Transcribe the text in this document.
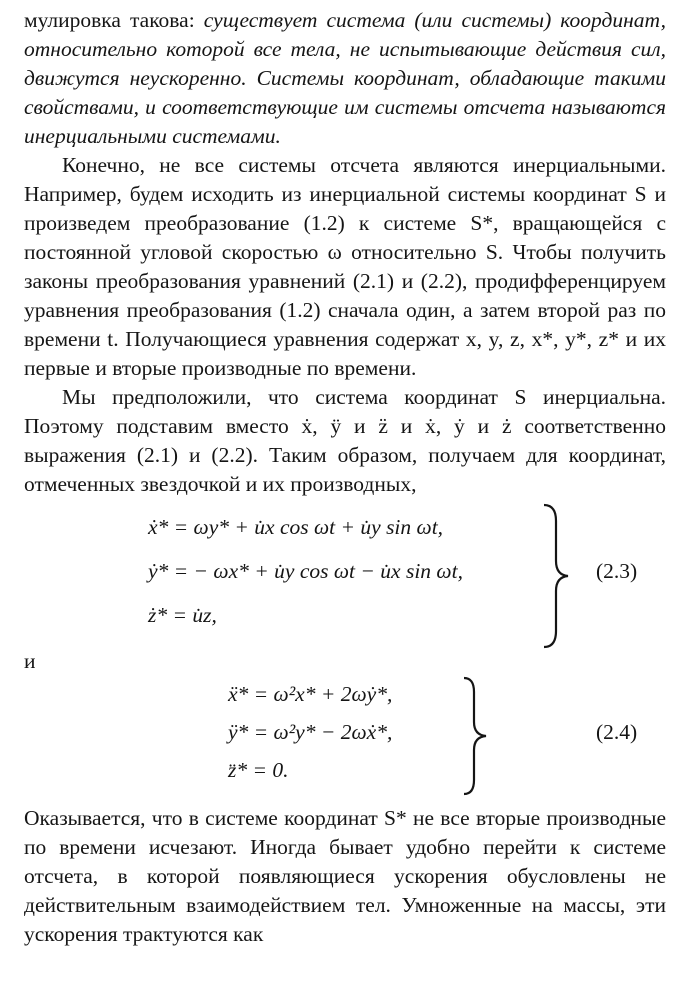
мулировка такова: существует система (или системы) координат, относительно которой все тела, не испытывающие действия сил, движутся неускоренно. Системы координат, обладающие такими свойствами, и соответствующие им системы отсчета называются инерциальными системами.

Конечно, не все системы отсчета являются инерциальными. Например, будем исходить из инерциальной системы координат S и произведем преобразование (1.2) к системе S*, вращающейся с постоянной угловой скоростью ω относительно S. Чтобы получить законы преобразования уравнений (2.1) и (2.2), продифференцируем уравнения преобразования (1.2) сначала один, а затем второй раз по времени t. Получающиеся уравнения содержат x, y, z, x*, y*, z* и их первые и вторые производные по времени.

Мы предположили, что система координат S инерциальна. Поэтому подставим вместо ẋ, ÿ и z̈ и ẋ, ẏ и ż соответственно выражения (2.1) и (2.2). Таким образом, получаем для координат, отмеченных звездочкой и их производных,

ẋ* = ωy* + u̇x cos ωt + u̇y sin ωt,
ẏ* = − ωx* + u̇y cos ωt − u̇x sin ωt,
ż* = u̇z,
(2.3)

и

ẍ* = ω²x* + 2ωẏ*,
ÿ* = ω²y* − 2ωẋ*,
z̈* = 0.
(2.4)

Оказывается, что в системе координат S* не все вторые производные по времени исчезают. Иногда бывает удобно перейти к системе отсчета, в которой появляющиеся ускорения обусловлены не действительным взаимодействием тел. Умноженные на массы, эти ускорения трактуются как
